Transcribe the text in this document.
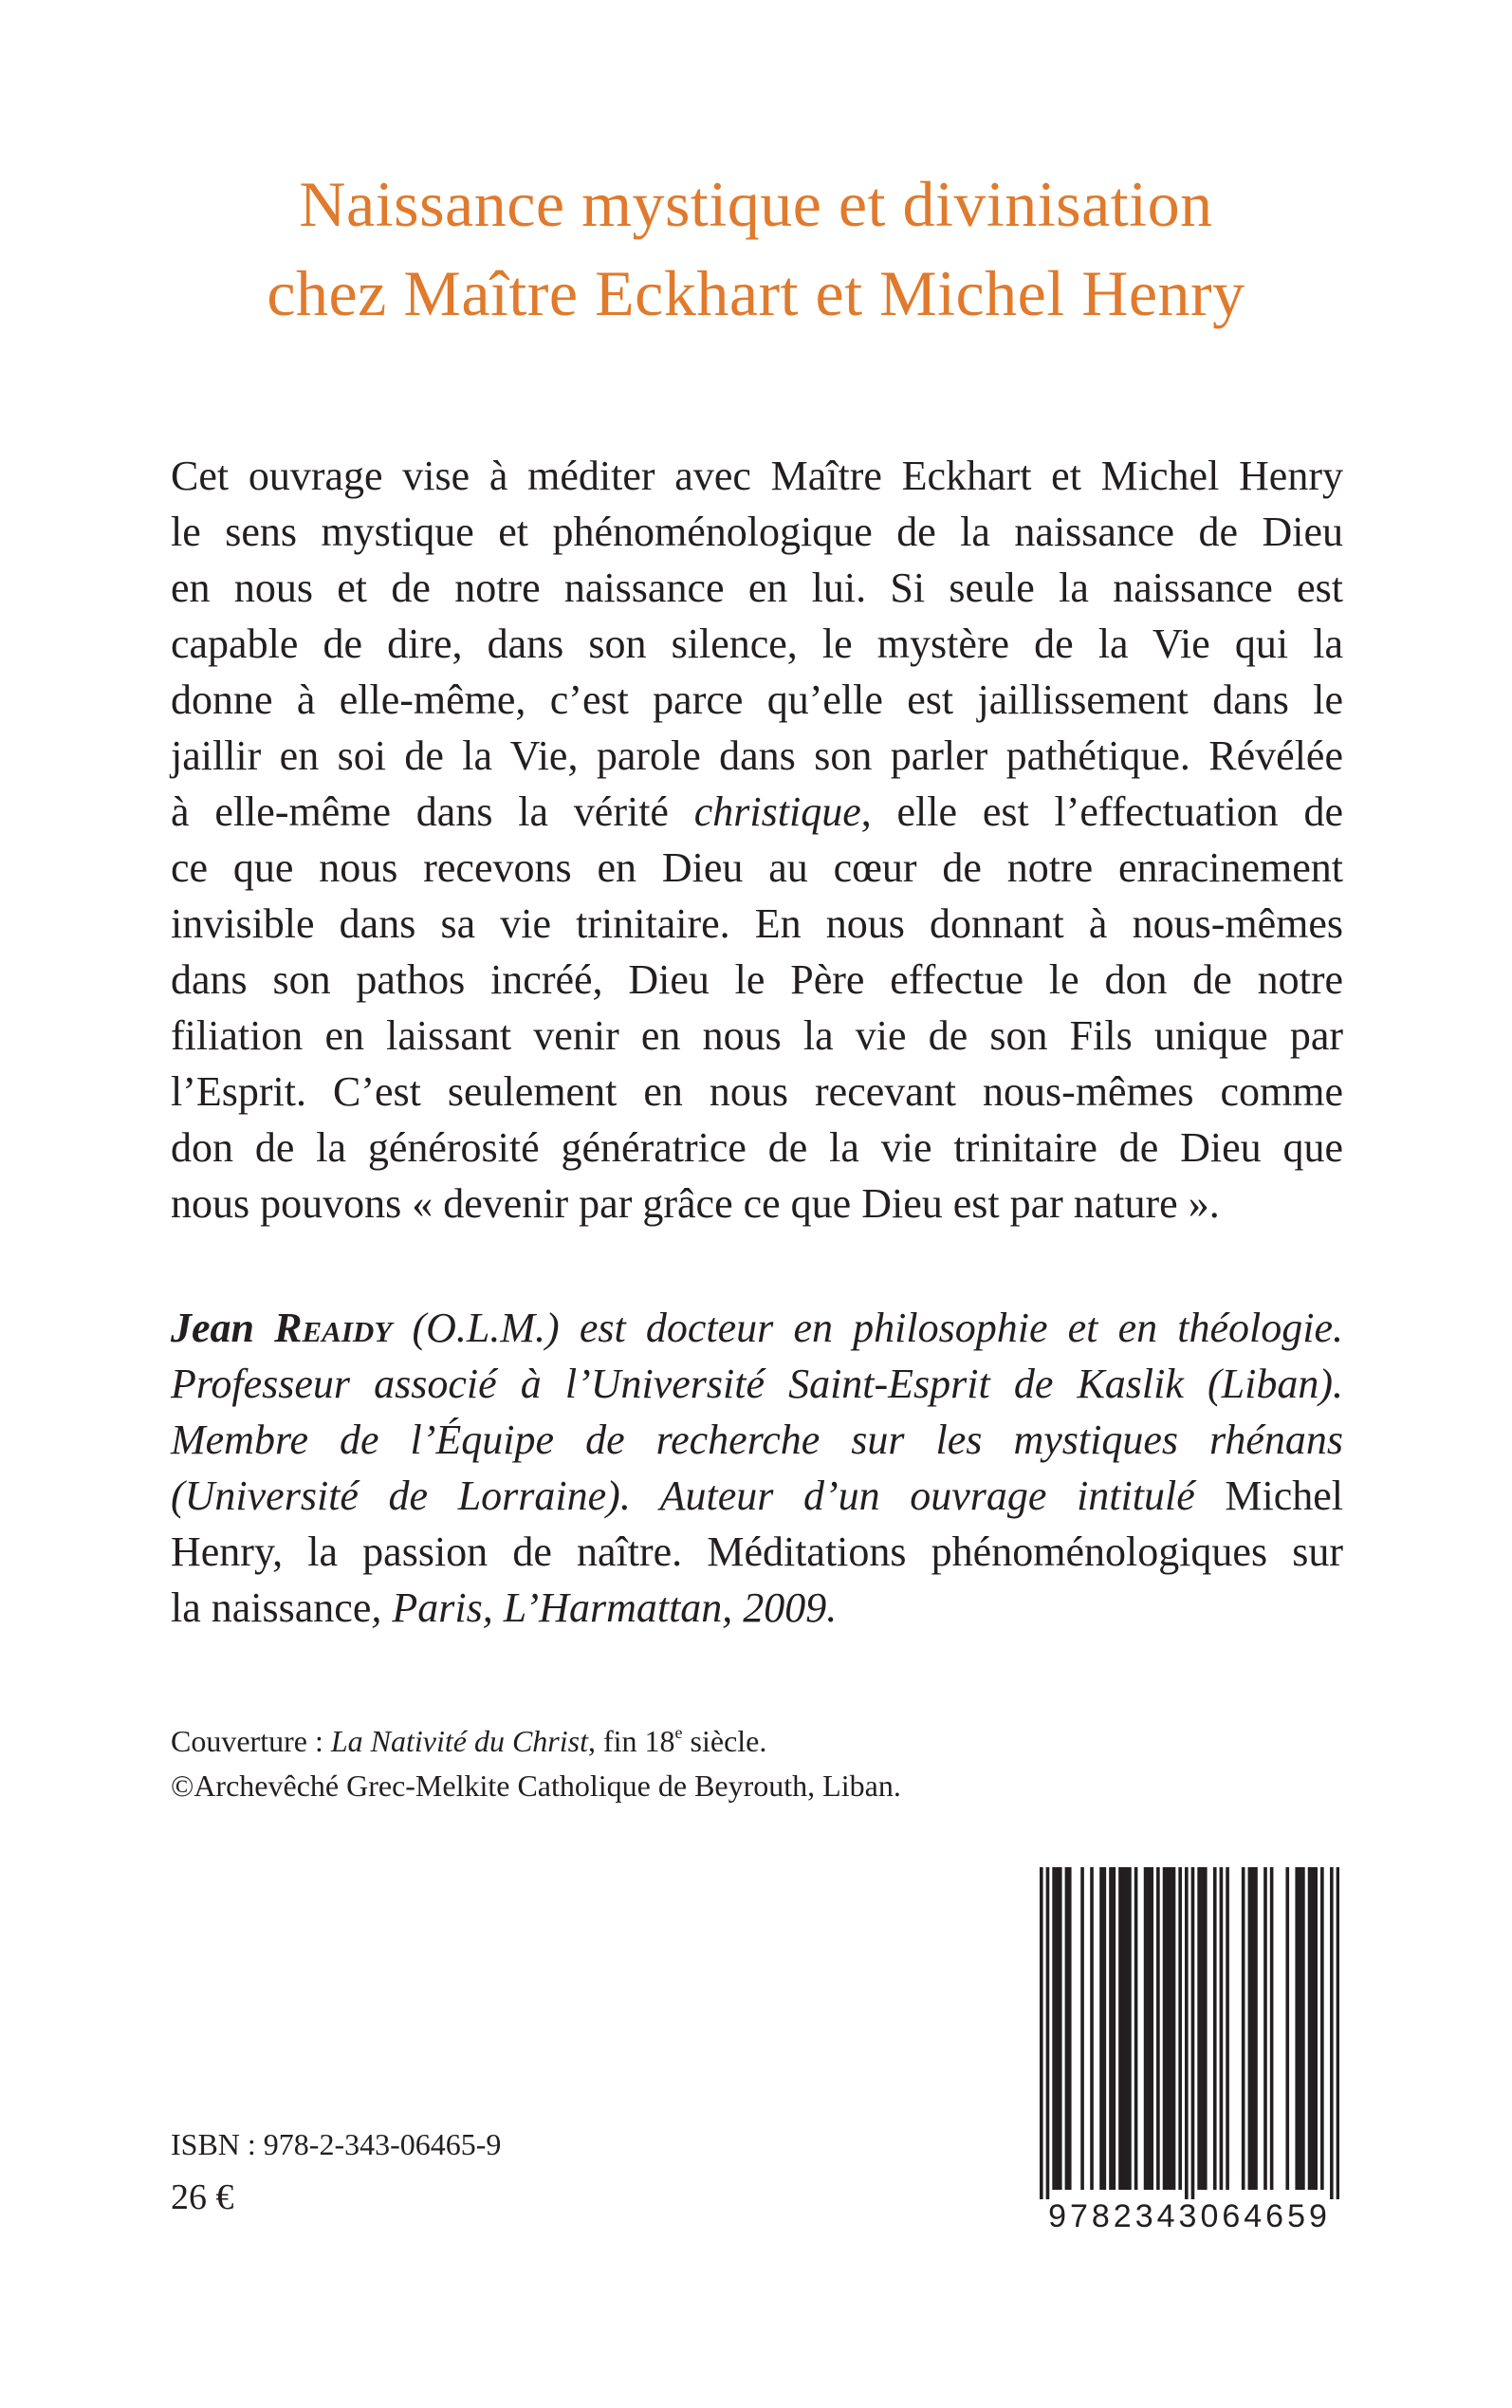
Naissance mystique et divinisation
chez Maître Eckhart et Michel Henry
Cet ouvrage vise à méditer avec Maître Eckhart et Michel Henry
le sens mystique et phénoménologique de la naissance de Dieu
en nous et de notre naissance en lui. Si seule la naissance est
capable de dire, dans son silence, le mystère de la Vie qui la
donne à elle-même, c’est parce qu’elle est jaillissement dans le
jaillir en soi de la Vie, parole dans son parler pathétique. Révélée
à elle-même dans la vérité christique, elle est l’effectuation de
ce que nous recevons en Dieu au cœur de notre enracinement
invisible dans sa vie trinitaire. En nous donnant à nous-mêmes
dans son pathos incréé, Dieu le Père effectue le don de notre
filiation en laissant venir en nous la vie de son Fils unique par
l’Esprit. C’est seulement en nous recevant nous-mêmes comme
don de la générosité génératrice de la vie trinitaire de Dieu que
nous pouvons « devenir par grâce ce que Dieu est par nature ».
Jean Reaidy (O.L.M.) est docteur en philosophie et en théologie.
Professeur associé à l’Université Saint-Esprit de Kaslik (Liban).
Membre de l’Équipe de recherche sur les mystiques rhénans
(Université de Lorraine). Auteur d’un ouvrage intitulé Michel
Henry, la passion de naître. Méditations phénoménologiques sur
la naissance, Paris, L’Harmattan, 2009.
Couverture : La Nativité du Christ, fin 18e siècle.
©Archevêché Grec-Melkite Catholique de Beyrouth, Liban.
ISBN : 978-2-343-06465-9
26 €	9782343064659
